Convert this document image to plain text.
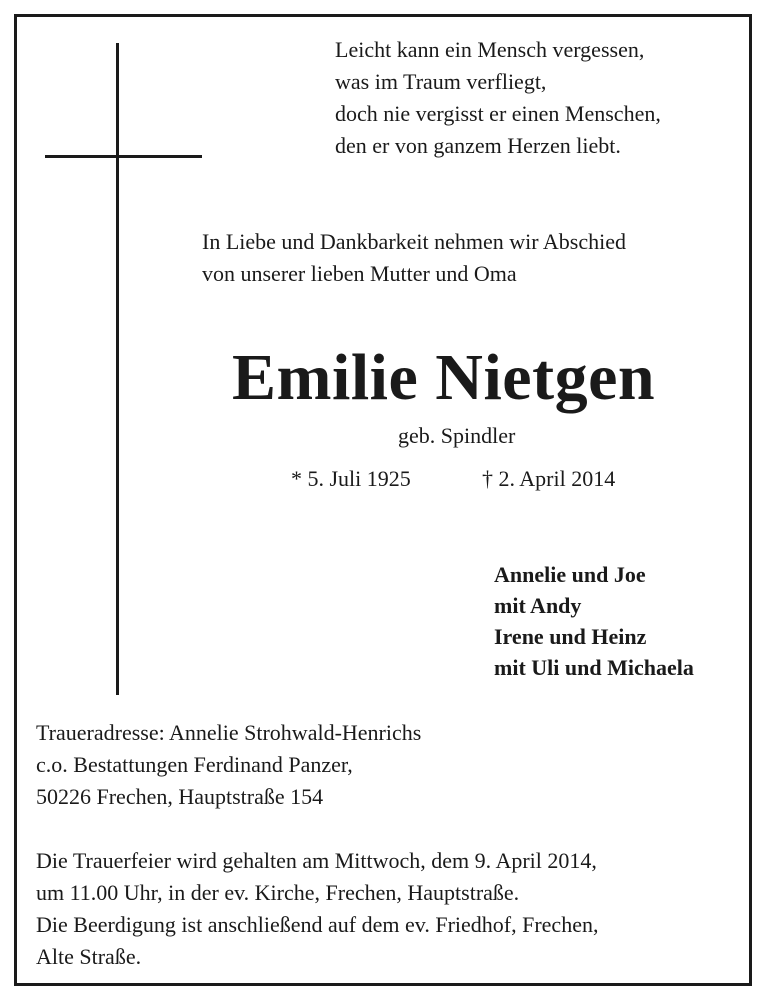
Leicht kann ein Mensch vergessen,
was im Traum verfliegt,
doch nie vergisst er einen Menschen,
den er von ganzem Herzen liebt.
In Liebe und Dankbarkeit nehmen wir Abschied
von unserer lieben Mutter und Oma
Emilie Nietgen
geb. Spindler
* 5. Juli 1925	† 2. April 2014
Annelie und Joe
mit Andy
Irene und Heinz
mit Uli und Michaela
Traueradresse: Annelie Strohwald-Henrichs
c.o. Bestattungen Ferdinand Panzer,
50226 Frechen, Hauptstraße 154
Die Trauerfeier wird gehalten am Mittwoch, dem 9. April 2014,
um 11.00 Uhr, in der ev. Kirche, Frechen, Hauptstraße.
Die Beerdigung ist anschließend auf dem ev. Friedhof, Frechen,
Alte Straße.
